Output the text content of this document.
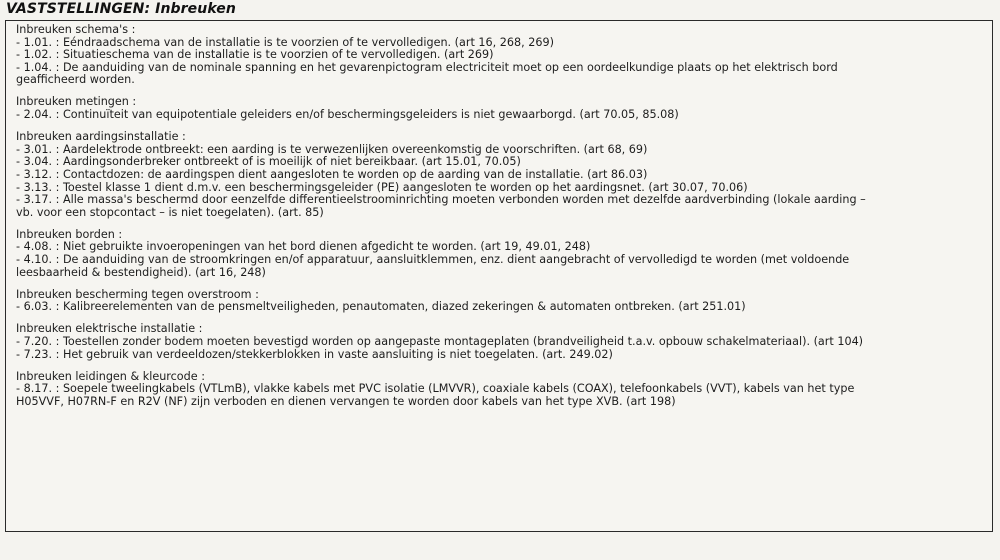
VASTSTELLINGEN: Inbreuken
Inbreuken schema's :
- 1.01. : Eéndraadschema van de installatie is te voorzien of te vervolledigen. (art 16, 268, 269)
- 1.02. : Situatieschema van de installatie is te voorzien of te vervolledigen. (art 269)
- 1.04. : De aanduiding van de nominale spanning en het gevarenpictogram electriciteit moet op een oordeelkundige plaats op het elektrisch bord
geafficheerd worden.
Inbreuken metingen :
- 2.04. : Continuïteit van equipotentiale geleiders en/of beschermingsgeleiders is niet gewaarborgd. (art 70.05, 85.08)
Inbreuken aardingsinstallatie :
- 3.01. : Aardelektrode ontbreekt: een aarding is te verwezenlijken overeenkomstig de voorschriften. (art 68, 69)
- 3.04. : Aardingsonderbreker ontbreekt of is moeilijk of niet bereikbaar. (art 15.01, 70.05)
- 3.12. : Contactdozen: de aardingspen dient aangesloten te worden op de aarding van de installatie. (art 86.03)
- 3.13. : Toestel klasse 1 dient d.m.v. een beschermingsgeleider (PE) aangesloten te worden op het aardingsnet. (art 30.07, 70.06)
- 3.17. : Alle massa's beschermd door eenzelfde differentieelstroominrichting moeten verbonden worden met dezelfde aardverbinding (lokale aarding –
vb. voor een stopcontact – is niet toegelaten). (art. 85)
Inbreuken borden :
- 4.08. : Niet gebruikte invoeropeningen van het bord dienen afgedicht te worden. (art 19, 49.01, 248)
- 4.10. : De aanduiding van de stroomkringen en/of apparatuur, aansluitklemmen, enz. dient aangebracht of vervolledigd te worden (met voldoende
leesbaarheid & bestendigheid). (art 16, 248)
Inbreuken bescherming tegen overstroom :
- 6.03. : Kalibreerelementen van de pensmeltveiligheden, penautomaten, diazed zekeringen & automaten ontbreken. (art 251.01)
Inbreuken elektrische installatie :
- 7.20. : Toestellen zonder bodem moeten bevestigd worden op aangepaste montageplaten (brandveiligheid t.a.v. opbouw schakelmateriaal). (art 104)
- 7.23. : Het gebruik van verdeeldozen/stekkerblokken in vaste aansluiting is niet toegelaten. (art. 249.02)
Inbreuken leidingen & kleurcode :
- 8.17. : Soepele tweelingkabels (VTLmB), vlakke kabels met PVC isolatie (LMVVR), coaxiale kabels (COAX), telefoonkabels (VVT), kabels van het type
H05VVF, H07RN-F en R2V (NF) zijn verboden en dienen vervangen te worden door kabels van het type XVB. (art 198)
